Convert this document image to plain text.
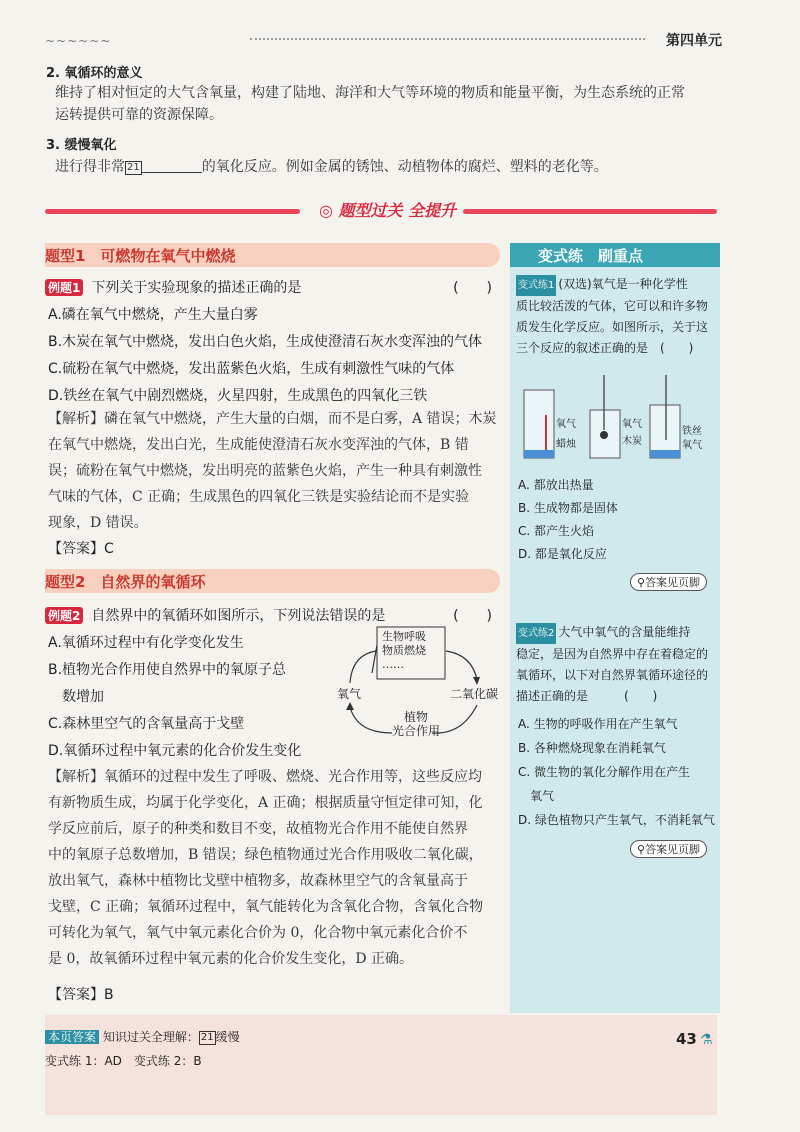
~~~~~~	第四单元
2. 氧循环的意义
维持了相对恒定的大气含氧量，构建了陆地、海洋和大气等环境的物质和能量平衡，为生态系统的正常
运转提供可靠的资源保障。
3. 缓慢氧化
进行得非常 21	的氧化反应。例如金属的锈蚀、动植物体的腐烂、塑料的老化等。
◎ 题型过关 全提升
题型1　可燃物在氧气中燃烧
例题1 下列关于实验现象的描述正确的是	(　　)
A.磷在氧气中燃烧，产生大量白雾
B.木炭在氧气中燃烧，发出白色火焰，生成使澄清石灰水变浑浊的气体
C.硫粉在氧气中燃烧，发出蓝紫色火焰，生成有刺激性气味的气体
D.铁丝在氧气中剧烈燃烧，火星四射，生成黑色的四氧化三铁
【解析】磷在氧气中燃烧，产生大量的白烟，而不是白雾，A 错误；木炭
在氧气中燃烧，发出白光，生成能使澄清石灰水变浑浊的气体，B 错
误；硫粉在氧气中燃烧，发出明亮的蓝紫色火焰，产生一种具有刺激性
气味的气体，C 正确；生成黑色的四氧化三铁是实验结论而不是实验
现象，D 错误。
【答案】C
题型2　自然界的氧循环
例题2 自然界中的氧循环如图所示，下列说法错误的是	(　　)
A.氧循环过程中有化学变化发生
B.植物光合作用使自然界中的氧原子总
　数增加
C.森林里空气的含氧量高于戈壁
D.氧循环过程中氧元素的化合价发生变化
生物呼吸
物质燃烧
……
氧气	二氧化碳
植物
光合作用
【解析】氧循环的过程中发生了呼吸、燃烧、光合作用等，这些反应均
有新物质生成，均属于化学变化，A 正确；根据质量守恒定律可知，化
学反应前后，原子的种类和数目不变，故植物光合作用不能使自然界
中的氧原子总数增加，B 错误；绿色植物通过光合作用吸收二氧化碳，
放出氧气，森林中植物比戈壁中植物多，故森林里空气的含氧量高于
戈壁，C 正确；氧循环过程中，氧气能转化为含氧化合物，含氧化合物
可转化为氧气，氧气中氧元素化合价为 0，化合物中氧元素化合价不
是 0，故氧循环过程中氧元素的化合价发生变化，D 正确。
【答案】B
变式练　刷重点
变式练1 (双选)氧气是一种化学性
质比较活泼的气体，它可以和许多物
质发生化学反应。如图所示，关于这
三个反应的叙述正确的是　(　　)
氧气
蜡烛
氧气
木炭
铁丝
氧气
A. 都放出热量
B. 生成物都是固体
C. 都产生火焰
D. 都是氧化反应
⚲答案见页脚
变式练2 大气中氧气的含量能维持
稳定，是因为自然界中存在着稳定的
氧循环，以下对自然界氧循环途径的
描述正确的是　　　(　　)
A. 生物的呼吸作用在产生氧气
B. 各种燃烧现象在消耗氧气
C. 微生物的氧化分解作用在产生
　氧气
D. 绿色植物只产生氧气，不消耗氧气
⚲答案见页脚
本页答案 知识过关全理解： 21 缓慢
变式练 1：AD　变式练 2：B
43 ⚗
